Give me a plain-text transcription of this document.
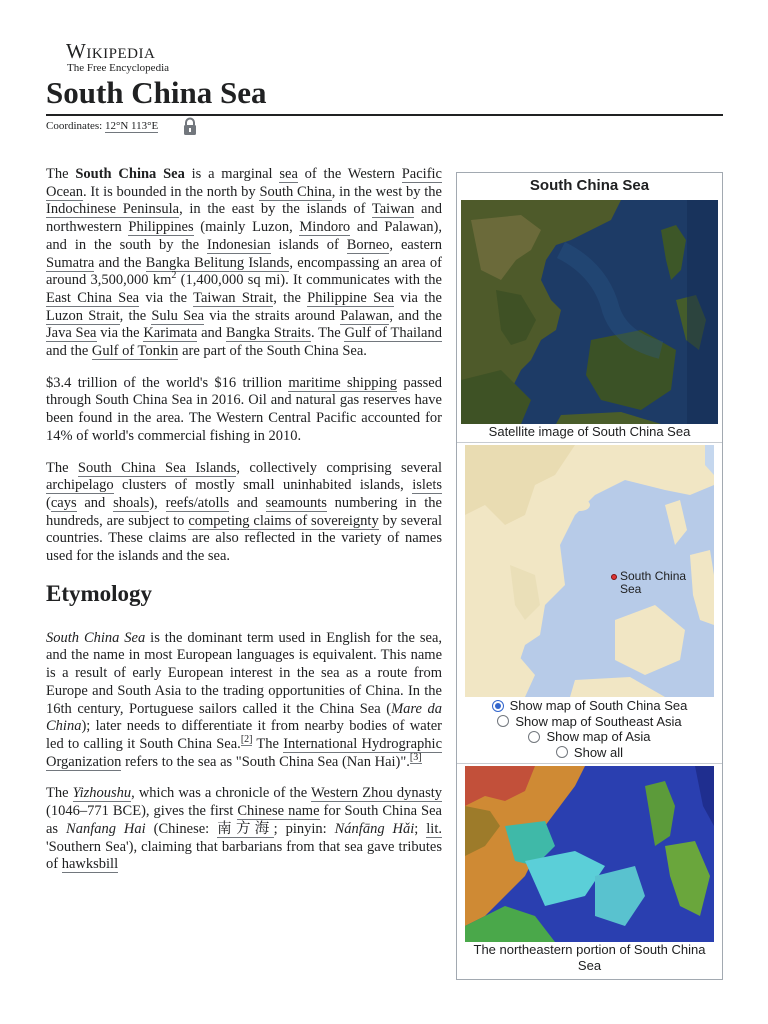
Wikipedia
The Free Encyclopedia
South China Sea
Coordinates: 12°N 113°E

The South China Sea is a marginal sea of the Western Pacific Ocean. It is bounded in the north by South China, in the west by the Indochinese Peninsula, in the east by the islands of Taiwan and northwestern Philippines (mainly Luzon, Mindoro and Palawan), and in the south by the Indonesian islands of Borneo, eastern Sumatra and the Bangka Belitung Islands, encompassing an area of around 3,500,000 $km^2$ (1,400,000 sq mi). It communicates with the East China Sea via the Taiwan Strait, the Philippine Sea via the Luzon Strait, the Sulu Sea via the straits around Palawan, and the Java Sea via the Karimata and Bangka Straits. The Gulf of Thailand and the Gulf of Tonkin are part of the South China Sea.

$3.4 trillion of the world's $16 trillion maritime shipping passed through South China Sea in 2016. Oil and natural gas reserves have been found in the area. The Western Central Pacific accounted for 14% of world's commercial fishing in 2010.

The South China Sea Islands, collectively comprising several archipelago clusters of mostly small uninhabited islands, islets (cays and shoals), reefs/atolls and seamounts numbering in the hundreds, are subject to competing claims of sovereignty by several countries. These claims are also reflected in the variety of names used for the islands and the sea.

Etymology

South China Sea is the dominant term used in English for the sea, and the name in most European languages is equivalent. This name is a result of early European interest in the sea as a route from Europe and South Asia to the trading opportunities of China. In the 16th century, Portuguese sailors called it the China Sea (Mare da China); later needs to differentiate it from nearby bodies of water led to calling it South China Sea.[2] The International Hydrographic Organization refers to the sea as "South China Sea (Nan Hai)".[3]

The Yizhoushu, which was a chronicle of the Western Zhou dynasty (1046–771 BCE), gives the first Chinese name for South China Sea as Nanfang Hai (Chinese: 南方海; pinyin: Nánfāng Hǎi; lit. 'Southern Sea'), claiming that barbarians from that sea gave tributes of hawksbill

South China Sea
Satellite image of South China Sea
South China Sea
Show map of South China Sea
Show map of Southeast Asia
Show map of Asia
Show all
The northeastern portion of South China Sea
